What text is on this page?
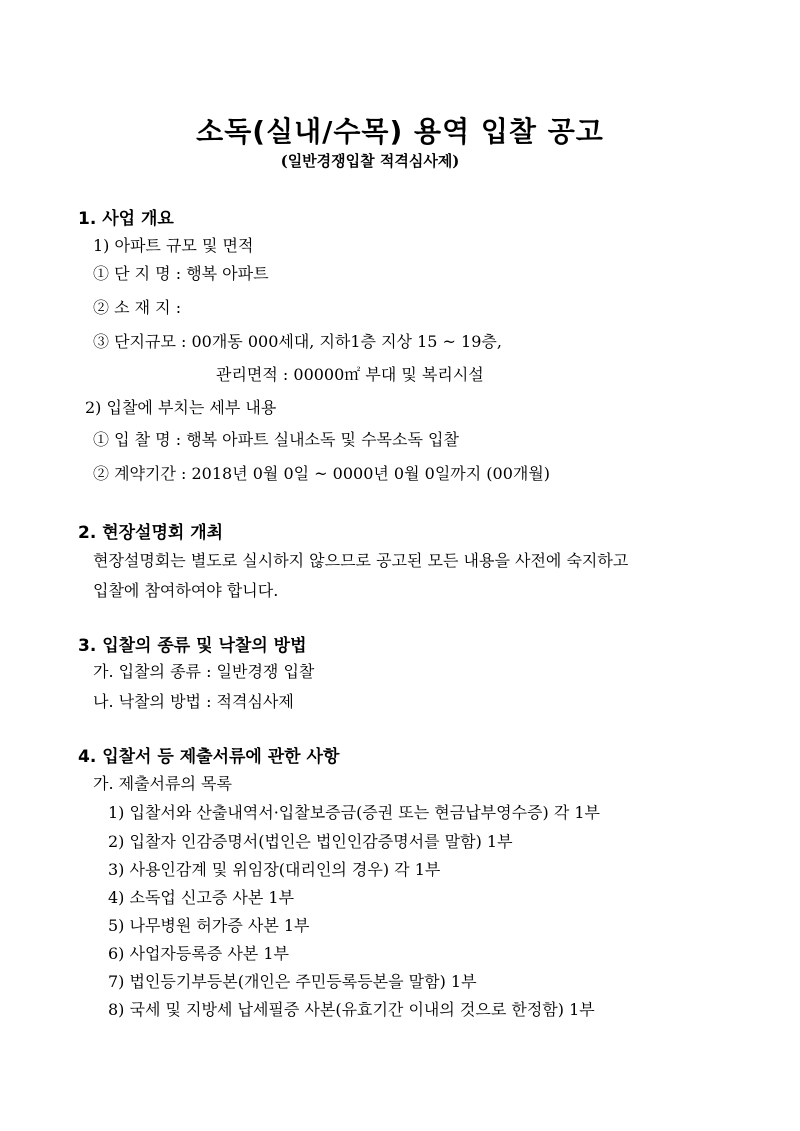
소독(실내/수목) 용역 입찰 공고
(일반경쟁입찰 적격심사제)
1. 사업 개요
1) 아파트 규모 및 면적
① 단 지 명 : 행복 아파트
② 소 재 지 :
③ 단지규모 : 00개동 000세대, 지하1층 지상 15 ~ 19층,
관리면적 : 00000㎡ 부대 및 복리시설
2) 입찰에 부치는 세부 내용
① 입 찰 명 : 행복 아파트 실내소독 및 수목소독 입찰
② 계약기간 : 2018년 0월 0일 ~ 0000년 0월 0일까지 (00개월)
2. 현장설명회 개최
현장설명회는 별도로 실시하지 않으므로 공고된 모든 내용을 사전에 숙지하고
입찰에 참여하여야 합니다.
3. 입찰의 종류 및 낙찰의 방법
가. 입찰의 종류 : 일반경쟁 입찰
나. 낙찰의 방법 : 적격심사제
4. 입찰서 등 제출서류에 관한 사항
가. 제출서류의 목록
1) 입찰서와 산출내역서·입찰보증금(증권 또는 현금납부영수증) 각 1부
2) 입찰자 인감증명서(법인은 법인인감증명서를 말함) 1부
3) 사용인감계 및 위임장(대리인의 경우) 각 1부
4) 소독업 신고증 사본 1부
5) 나무병원 허가증 사본 1부
6) 사업자등록증 사본 1부
7) 법인등기부등본(개인은 주민등록등본을 말함) 1부
8) 국세 및 지방세 납세필증 사본(유효기간 이내의 것으로 한정함) 1부
